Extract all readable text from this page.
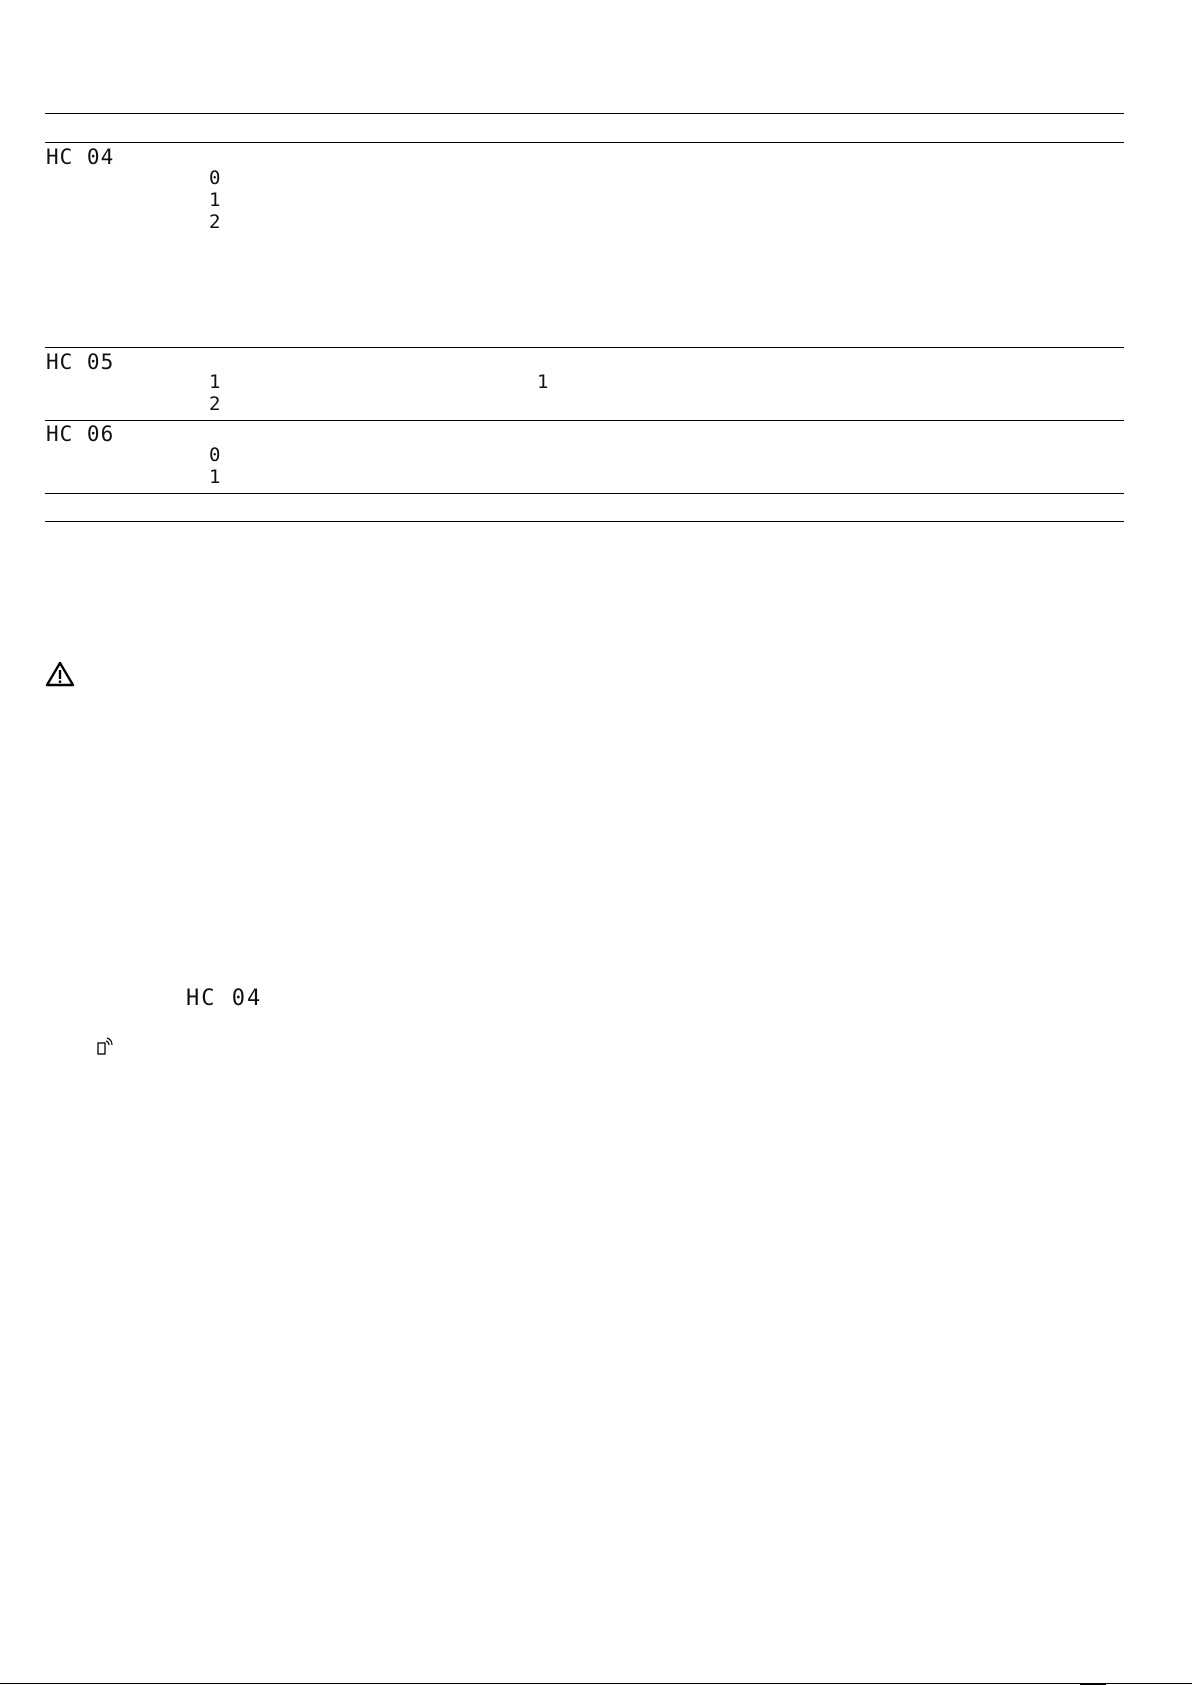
HC 04
0
1
2
HC 05
1	1
2
HC 06
0
1
HC 04
